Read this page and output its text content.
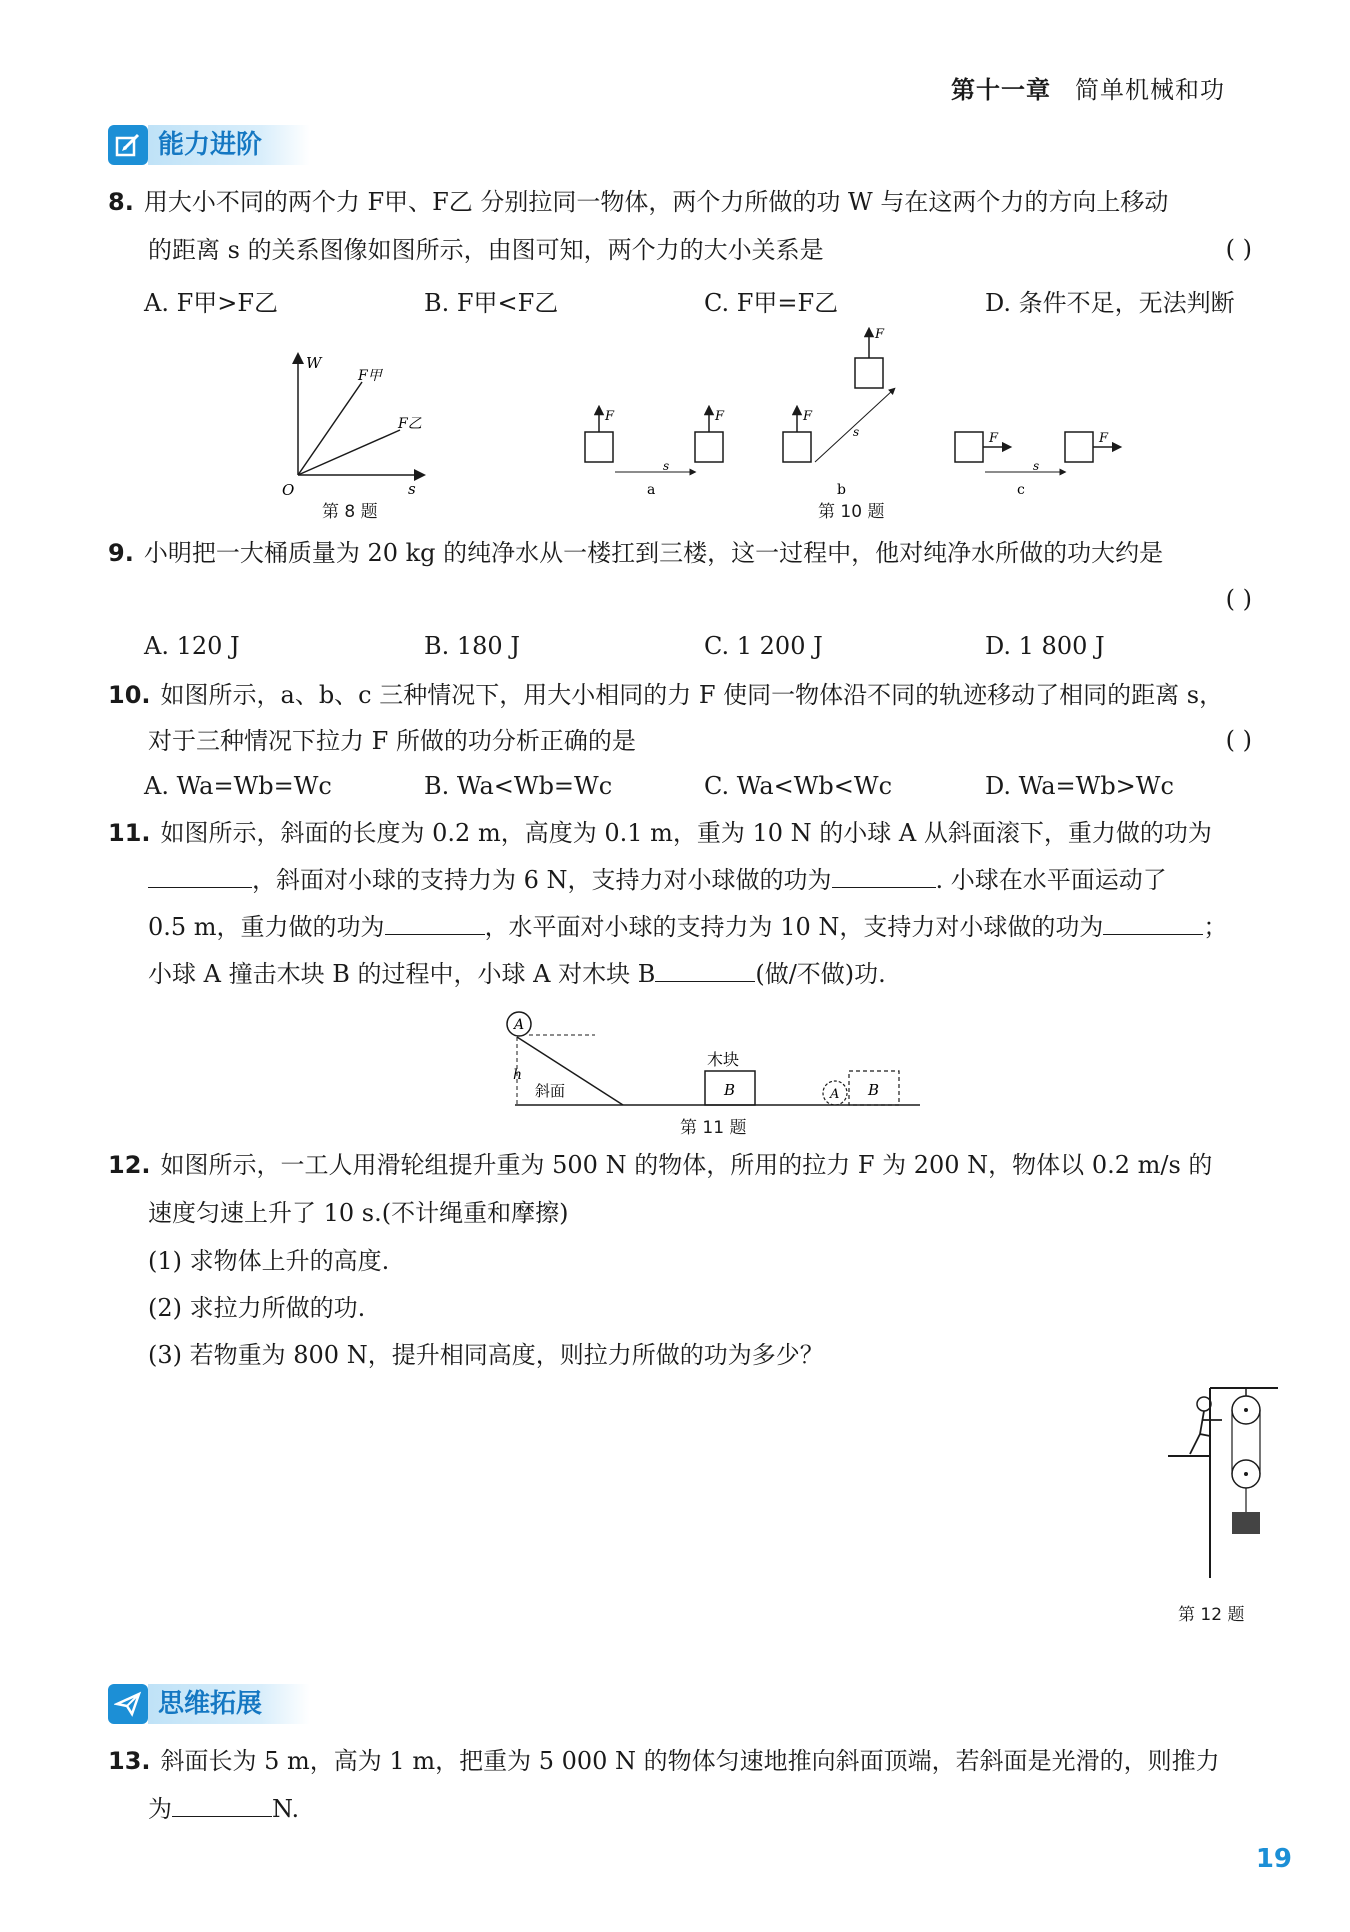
第十一章 简单机械和功
能力进阶
8. 用大小不同的两个力 F甲、F乙 分别拉同一物体，两个力所做的功 W 与在这两个力的方向上移动
的距离 s 的关系图像如图所示，由图可知，两个力的大小关系是	( )
A. F甲>F乙	B. F甲<F乙	C. F甲=F乙	D. 条件不足，无法判断
W
s
O
F甲
F乙
第 8 题
F	F
s
a
F
F
s
b
F	F
s
c
第 10 题
9. 小明把一大桶质量为 20 kg 的纯净水从一楼扛到三楼，这一过程中，他对纯净水所做的功大约是
( )
A. 120 J	B. 180 J	C. 1 200 J	D. 1 800 J
10. 如图所示，a、b、c 三种情况下，用大小相同的力 F 使同一物体沿不同的轨迹移动了相同的距离 s，
对于三种情况下拉力 F 所做的功分析正确的是	( )
A. Wa=Wb=Wc	B. Wa<Wb=Wc	C. Wa<Wb<Wc	D. Wa=Wb>Wc
11. 如图所示，斜面的长度为 0.2 m，高度为 0.1 m，重为 10 N 的小球 A 从斜面滚下，重力做的功为
，斜面对小球的支持力为 6 N，支持力对小球做的功为	. 小球在水平面运动了
0.5 m，重力做的功为	，水平面对小球的支持力为 10 N，支持力对小球做的功为	；
小球 A 撞击木块 B 的过程中，小球 A 对木块 B	(做/不做)功.
A
h
斜面	B
木块
A B
第 11 题
12. 如图所示，一工人用滑轮组提升重为 500 N 的物体，所用的拉力 F 为 200 N，物体以 0.2 m/s 的
速度匀速上升了 10 s.(不计绳重和摩擦)
(1) 求物体上升的高度.
(2) 求拉力所做的功.
(3) 若物重为 800 N，提升相同高度，则拉力所做的功为多少？
第 12 题
思维拓展
13. 斜面长为 5 m，高为 1 m，把重为 5 000 N 的物体匀速地推向斜面顶端，若斜面是光滑的，则推力
为	N.
19
